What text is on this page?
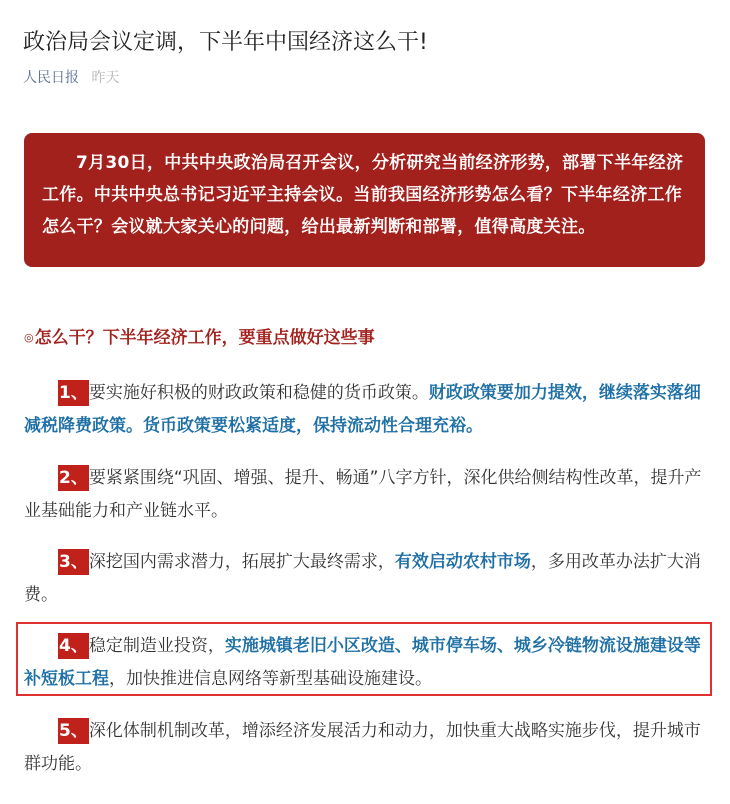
政治局会议定调，下半年中国经济这么干!
人民日报 昨天

7月30日，中共中央政治局召开会议，分析研究当前经济形势，部署下半年经济工作。中共中央总书记习近平主持会议。当前我国经济形势怎么看？下半年经济工作怎么干？会议就大家关心的问题，给出最新判断和部署，值得高度关注。

◎怎么干？下半年经济工作，要重点做好这些事

1、要实施好积极的财政政策和稳健的货币政策。财政政策要加力提效，继续落实落细减税降费政策。货币政策要松紧适度，保持流动性合理充裕。

2、要紧紧围绕“巩固、增强、提升、畅通”八字方针，深化供给侧结构性改革，提升产业基础能力和产业链水平。

3、深挖国内需求潜力，拓展扩大最终需求，有效启动农村市场，多用改革办法扩大消费。

4、稳定制造业投资，实施城镇老旧小区改造、城市停车场、城乡冷链物流设施建设等补短板工程，加快推进信息网络等新型基础设施建设。

5、深化体制机制改革，增添经济发展活力和动力，加快重大战略实施步伐，提升城市群功能。
